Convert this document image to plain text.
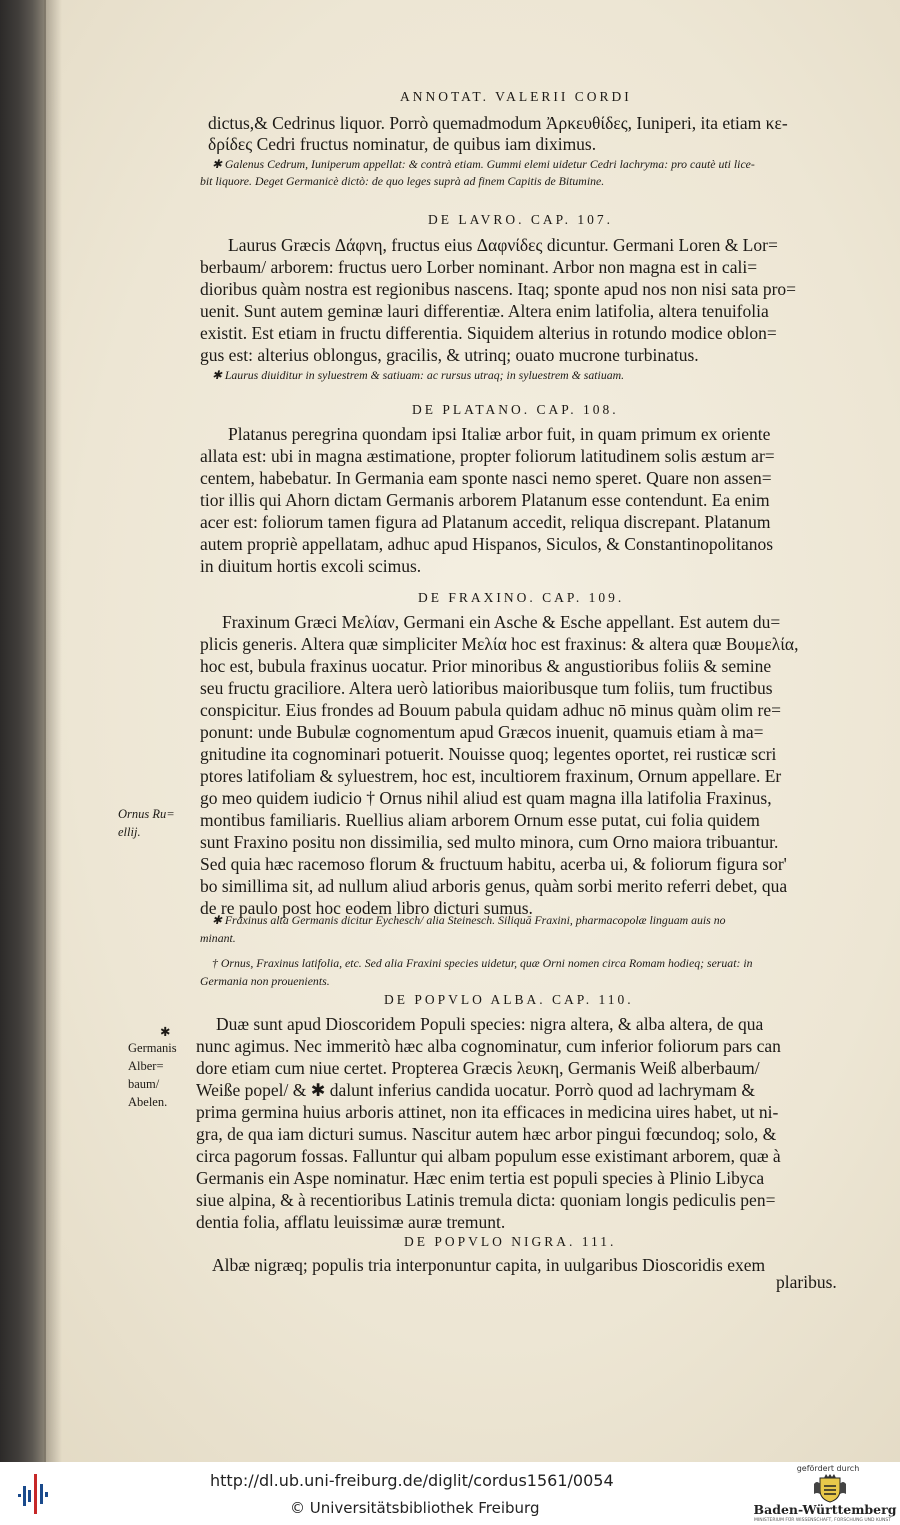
ANNOTAT. VALERII CORDI
dictus,& Cedrinus liquor. Porrò quemadmodum Ἀρκευθίδες, Iuniperi, ita etiam κε-
δρίδες Cedri fructus nominatur, de quibus iam diximus.
✱ Galenus Cedrum, Iuniperum appellat: & contrà etiam. Gummi elemi uidetur Cedri lachryma: pro cautè uti lice-
bit liquore. Deget Germanicè dictò: de quo leges suprà ad finem Capitis de Bitumine.
DE LAVRO. CAP. 107.
Laurus Græcis Δάφνη, fructus eius Δαφνίδες dicuntur. Germani Loren & Lor=
berbaum/ arborem: fructus uero Lorber nominant. Arbor non magna est in cali=
dioribus quàm nostra est regionibus nascens. Itaq; sponte apud nos non nisi sata pro=
uenit. Sunt autem geminæ lauri differentiæ. Altera enim latifolia, altera tenuifolia
existit. Est etiam in fructu differentia. Siquidem alterius in rotundo modice oblon=
gus est: alterius oblongus, gracilis, & utrinq; ouato mucrone turbinatus.
✱ Laurus diuiditur in syluestrem & satiuam: ac rursus utraq; in syluestrem & satiuam.
DE PLATANO. CAP. 108.
Platanus peregrina quondam ipsi Italiæ arbor fuit, in quam primum ex oriente
allata est: ubi in magna æstimatione, propter foliorum latitudinem solis æstum ar=
centem, habebatur. In Germania eam sponte nasci nemo speret. Quare non assen=
tior illis qui Ahorn dictam Germanis arborem Platanum esse contendunt. Ea enim
acer est: foliorum tamen figura ad Platanum accedit, reliqua discrepant. Platanum
autem propriè appellatam, adhuc apud Hispanos, Siculos, & Constantinopolitanos
in diuitum hortis excoli scimus.
DE FRAXINO. CAP. 109.
Fraxinum Græci Μελίαν, Germani ein Asche & Esche appellant. Est autem du=
plicis generis. Altera quæ simpliciter Μελία hoc est fraxinus: & altera quæ Βουμελία,
hoc est, bubula fraxinus uocatur. Prior minoribus & angustioribus foliis & semine
seu fructu graciliore. Altera uerò latioribus maioribusque tum foliis, tum fructibus
conspicitur. Eius frondes ad Bouum pabula quidam adhuc nō minus quàm olim re=
ponunt: unde Bubulæ cognomentum apud Græcos inuenit, quamuis etiam à ma=
gnitudine ita cognominari potuerit. Nouisse quoq; legentes oportet, rei rusticæ scri
ptores latifoliam & syluestrem, hoc est, incultiorem fraxinum, Ornum appellare. Er
go meo quidem iudicio † Ornus nihil aliud est quam magna illa latifolia Fraxinus,
montibus familiaris. Ruellius aliam arborem Ornum esse putat, cui folia quidem
sunt Fraxino positu non dissimilia, sed multo minora, cum Orno maiora tribuantur.
Sed quia hæc racemoso florum & fructuum habitu, acerba ui, & foliorum figura sor'
bo simillima sit, ad nullum aliud arboris genus, quàm sorbi merito referri debet, qua
de re paulo post hoc eodem libro dicturi sumus.
✱ Fraxinus alta Germanis dicitur Eychesch/ alia Steinesch. Siliquā Fraxini, pharmacopolæ linguam auis no
minant.
† Ornus, Fraxinus latifolia, etc. Sed alia Fraxini species uidetur, quæ Orni nomen circa Romam hodieq; seruat: in
Germania non prouenients.
Ornus Ru=
ellij.
DE POPVLO ALBA. CAP. 110.
Duæ sunt apud Dioscoridem Populi species: nigra altera, & alba altera, de qua
nunc agimus. Nec immeritò hæc alba cognominatur, cum inferior foliorum pars can
dore etiam cum niue certet. Propterea Græcis λευκη, Germanis Weiß alberbaum/
Weiße popel/ & ✱ dalunt inferius candida uocatur. Porrò quod ad lachrymam &
prima germina huius arboris attinet, non ita efficaces in medicina uires habet, ut ni-
gra, de qua iam dicturi sumus. Nascitur autem hæc arbor pingui fœcundoq; solo, &
circa pagorum fossas. Falluntur qui albam populum esse existimant arborem, quæ à
Germanis ein Aspe nominatur. Hæc enim tertia est populi species à Plinio Libyca
siue alpina, & à recentioribus Latinis tremula dicta: quoniam longis pediculis pen=
dentia folia, afflatu leuissimæ auræ tremunt.
✱
Germanis
Alber=
baum/
Abelen.
DE POPVLO NIGRA. 111.
Albæ nigræq; populis tria interponuntur capita, in uulgaribus Dioscoridis exem
plaribus.
http://dl.ub.uni-freiburg.de/diglit/cordus1561/0054
© Universitätsbibliothek Freiburg
gefördert durch
Baden-Württemberg
MINISTERIUM FÜR WISSENSCHAFT, FORSCHUNG UND KUNST
